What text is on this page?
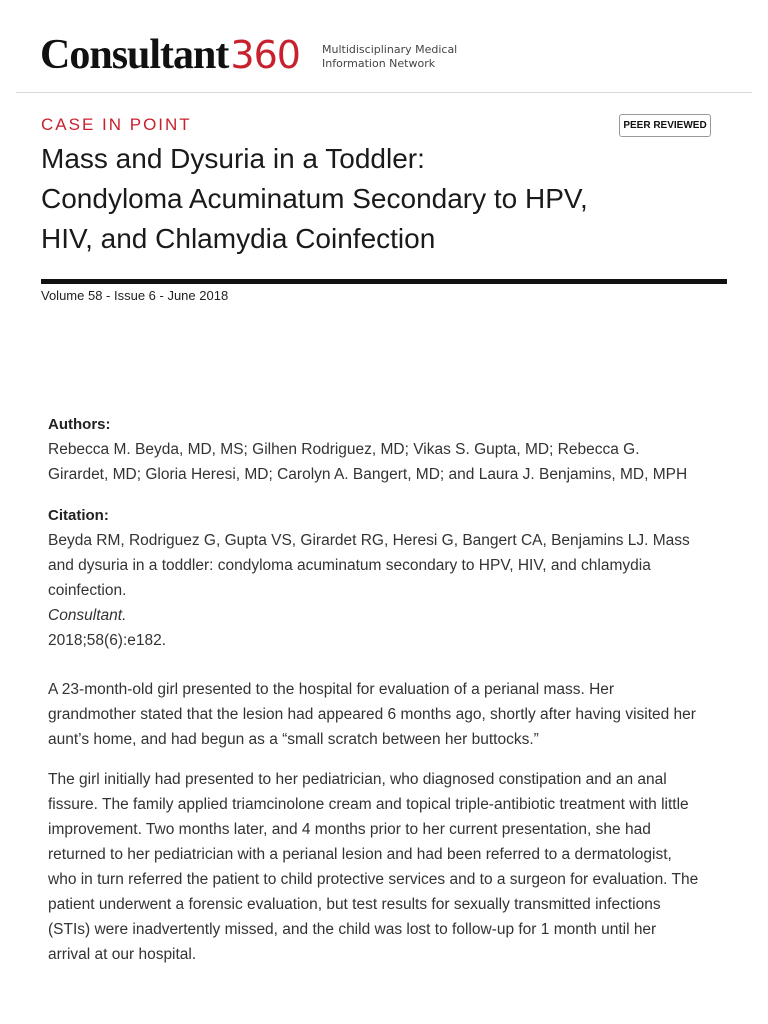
Consultant360 Multidisciplinary Medical
Information Network
CASE IN POINT	PEER REVIEWED
Mass and Dysuria in a Toddler:
Condyloma Acuminatum Secondary to HPV,
HIV, and Chlamydia Coinfection
Volume 58 - Issue 6 - June 2018
Authors:
Rebecca M. Beyda, MD, MS; Gilhen Rodriguez, MD; Vikas S. Gupta, MD; Rebecca G.
Girardet, MD; Gloria Heresi, MD; Carolyn A. Bangert, MD; and Laura J. Benjamins, MD, MPH
Citation:
Beyda RM, Rodriguez G, Gupta VS, Girardet RG, Heresi G, Bangert CA, Benjamins LJ. Mass
and dysuria in a toddler: condyloma acuminatum secondary to HPV, HIV, and chlamydia
coinfection.
Consultant.
2018;58(6):e182.
A 23-month-old girl presented to the hospital for evaluation of a perianal mass. Her
grandmother stated that the lesion had appeared 6 months ago, shortly after having visited her
aunt’s home, and had begun as a “small scratch between her buttocks.”
The girl initially had presented to her pediatrician, who diagnosed constipation and an anal
fissure. The family applied triamcinolone cream and topical triple-antibiotic treatment with little
improvement. Two months later, and 4 months prior to her current presentation, she had
returned to her pediatrician with a perianal lesion and had been referred to a dermatologist,
who in turn referred the patient to child protective services and to a surgeon for evaluation. The
patient underwent a forensic evaluation, but test results for sexually transmitted infections
(STIs) were inadvertently missed, and the child was lost to follow-up for 1 month until her
arrival at our hospital.
